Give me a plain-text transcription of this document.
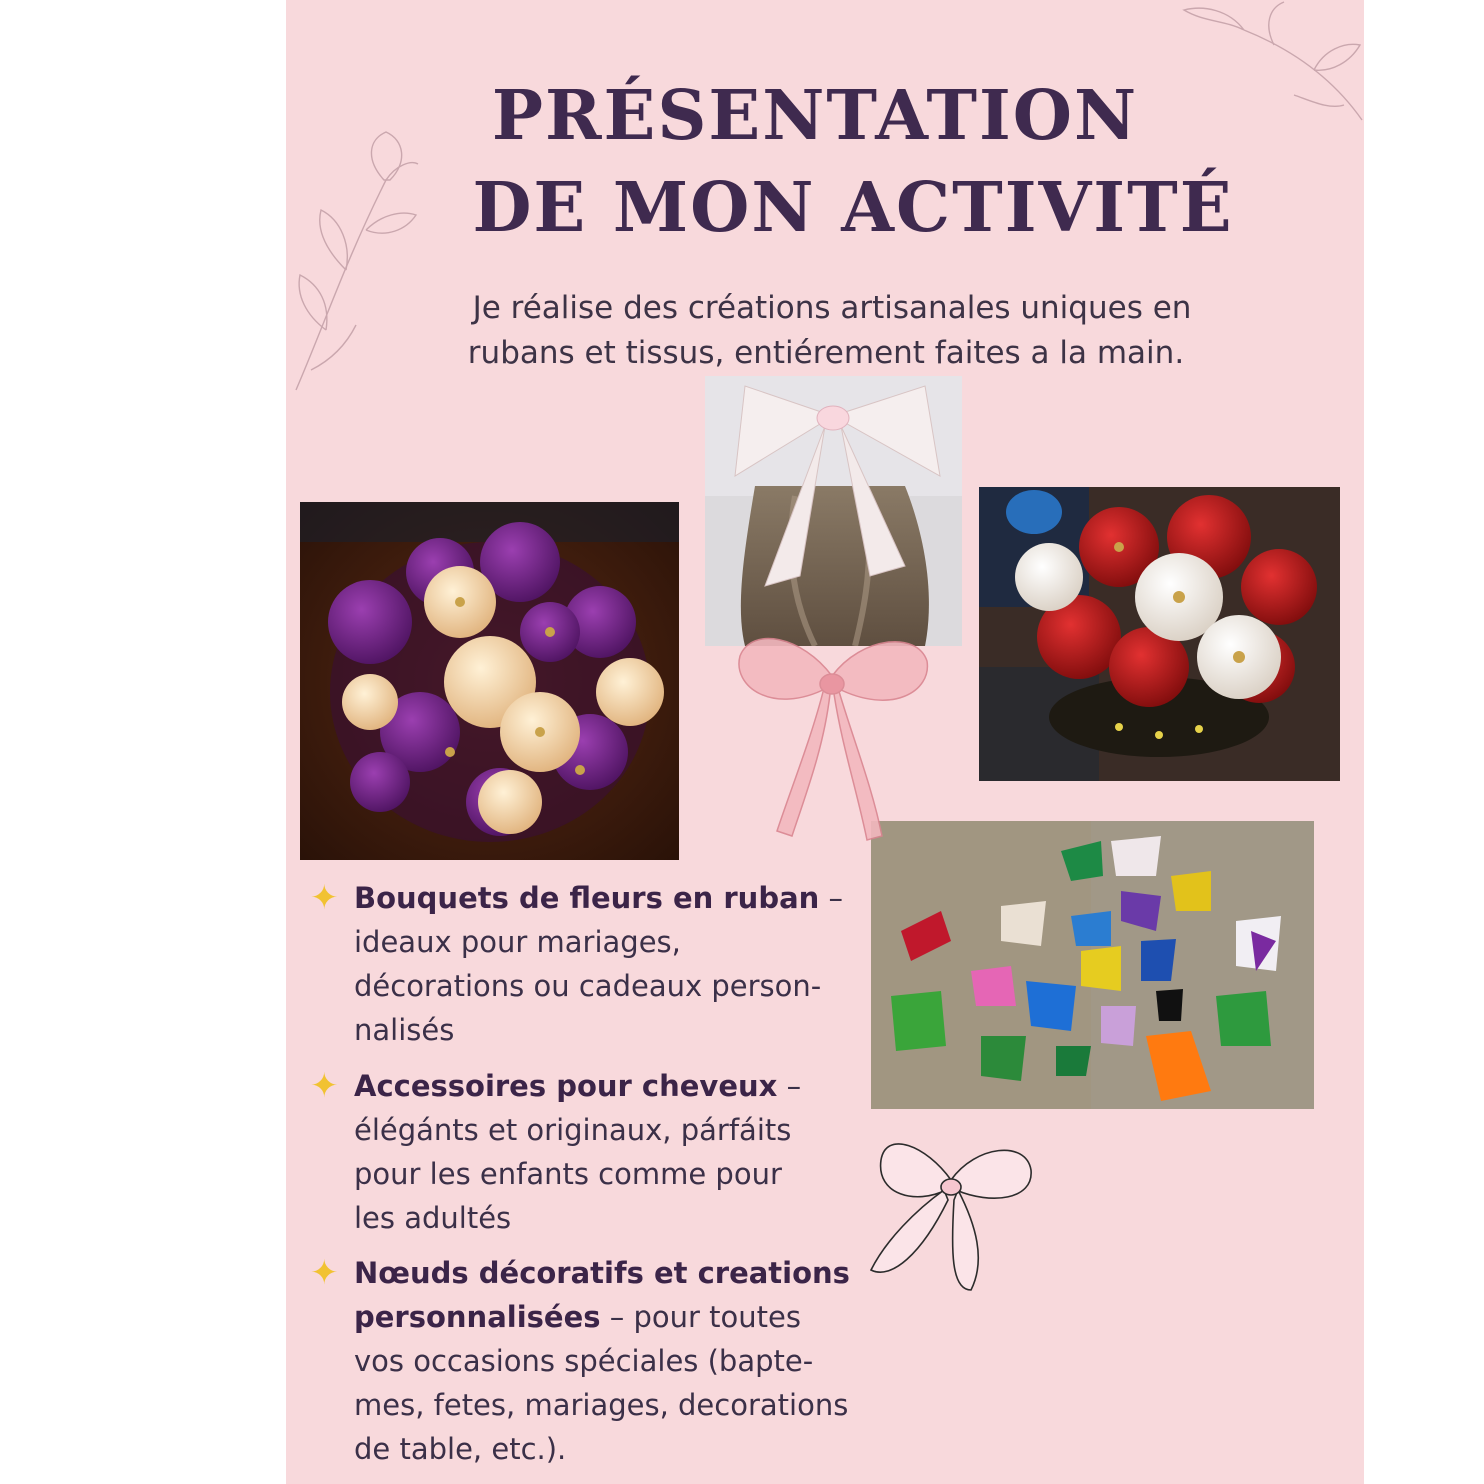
PRÉSENTATION
DE MON ACTIVITÉ

Je réalise des créations artisanales uniques en

rubans et tissus, entiérement faites a la main.

✦ Bouquets de fleurs en ruban –
ideaux pour mariages,
décorations ou cadeaux person-
nalisés
✦ Accessoires pour cheveux –
élégánts et originaux, párfáits
pour les enfants comme pour
les adultés
✦ Nœuds décoratifs et creations
personnalisées – pour toutes
vos occasions spéciales (bapte-
mes, fetes, mariages, decorations
de table, etc.).
